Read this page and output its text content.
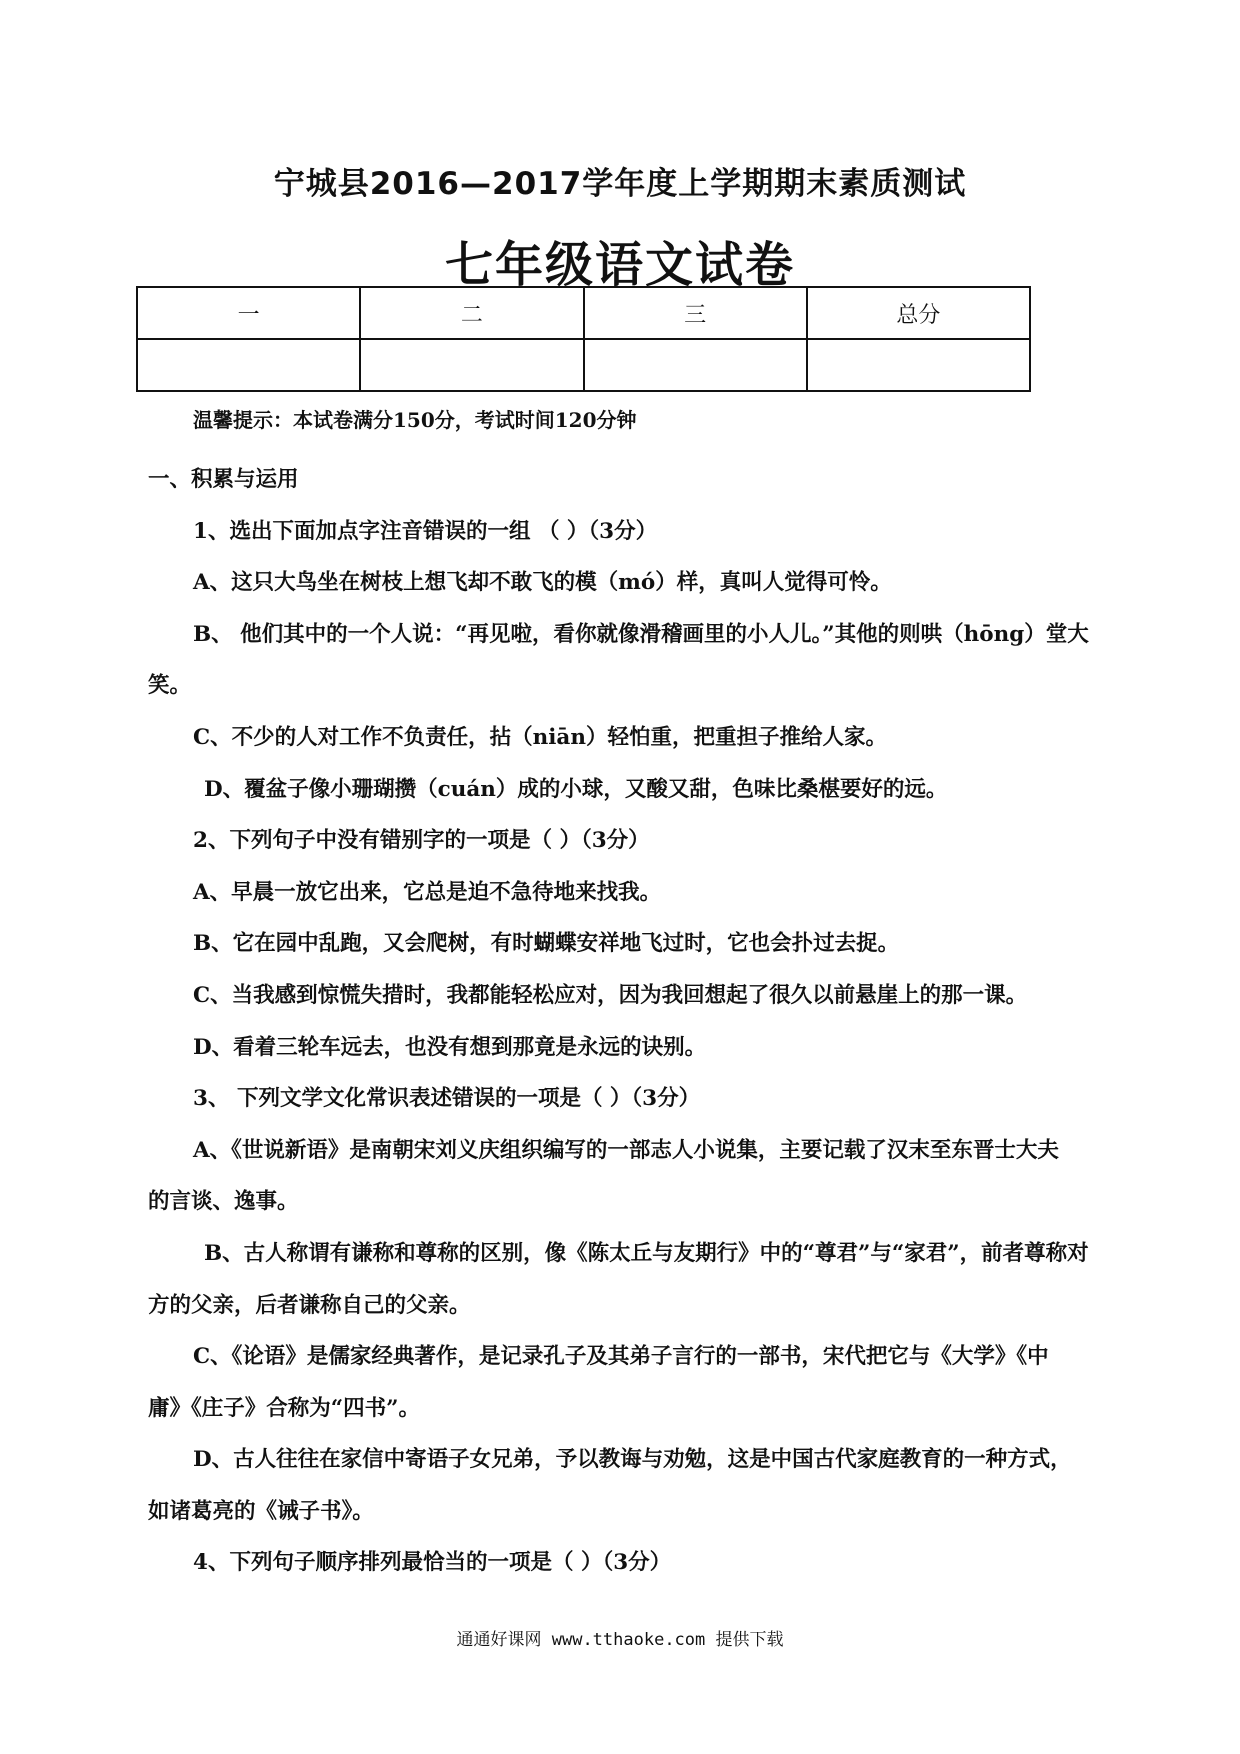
宁城县2016—2017学年度上学期期末素质测试
七年级语文试卷
一	二	三	总分

温馨提示：本试卷满分150分，考试时间120分钟
一、积累与运用
1、选出下面加点字注音错误的一组 （ ）（3分）
A、这只大鸟坐在树枝上想飞却不敢飞的模（mó）样，真叫人觉得可怜。
B、 他们其中的一个人说：“再见啦，看你就像滑稽画里的小人儿。”其他的则哄（hōng）堂大
笑。
C、不少的人对工作不负责任，拈（niān）轻怕重，把重担子推给人家。
D、覆盆子像小珊瑚攒（cuán）成的小球，又酸又甜，色味比桑椹要好的远。
2、下列句子中没有错别字的一项是（ ）（3分）
A、早晨一放它出来，它总是迫不急待地来找我。
B、它在园中乱跑，又会爬树，有时蝴蝶安祥地飞过时，它也会扑过去捉。
C、当我感到惊慌失措时，我都能轻松应对，因为我回想起了很久以前悬崖上的那一课。
D、看着三轮车远去，也没有想到那竟是永远的诀别。
3、 下列文学文化常识表述错误的一项是（ ）（3分）
A、《世说新语》是南朝宋刘义庆组织编写的一部志人小说集，主要记载了汉末至东晋士大夫
的言谈、逸事。
B、古人称谓有谦称和尊称的区别，像《陈太丘与友期行》中的“尊君”与“家君”，前者尊称对
方的父亲，后者谦称自己的父亲。
C、《论语》是儒家经典著作，是记录孔子及其弟子言行的一部书，宋代把它与《大学》《中
庸》《庄子》合称为“四书”。
D、古人往往在家信中寄语子女兄弟，予以教诲与劝勉，这是中国古代家庭教育的一种方式，
如诸葛亮的《诫子书》。
4、下列句子顺序排列最恰当的一项是（ ）（3分）
通通好课网 www.tthaoke.com 提供下载
